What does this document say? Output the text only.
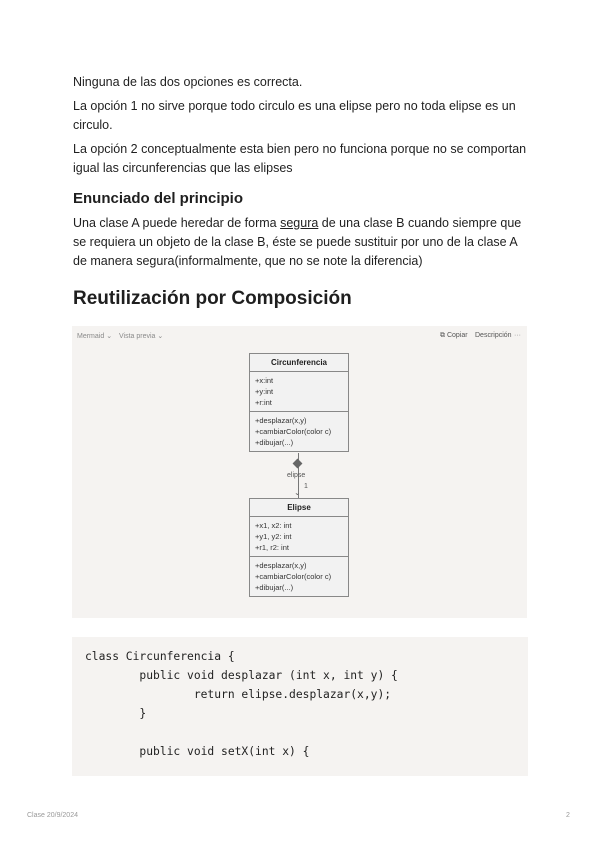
Ninguna de las dos opciones es correcta.

La opción 1 no sirve porque todo circulo es una elipse pero no toda elipse es un circulo.

La opción 2 conceptualmente esta bien pero no funciona porque no se comportan igual las circunferencias que las elipses

Enunciado del principio

Una clase A puede heredar de forma segura de una clase B cuando siempre que se requiera un objeto de la clase B, éste se puede sustituir por uno de la clase A de manera segura(informalmente, que no se note la diferencia)

Reutilización por Composición
Mermaid ⌄ Vista previa ⌄	⧉ Copiar Descripción ···
Circunferencia
+x:int
+y:int
+r:int
+desplazar(x,y)
+cambiarColor(color c)
+dibujar(...)
elipse
1
⌄
Elipse
+x1, x2: int
+y1, y2: int
+r1, r2: int
+desplazar(x,y)
+cambiarColor(color c)
+dibujar(...)
class Circunferencia {
public void desplazar (int x, int y) {
return elipse.desplazar(x,y);
}
public void setX(int x) {
Clase 20/9/2024	2
